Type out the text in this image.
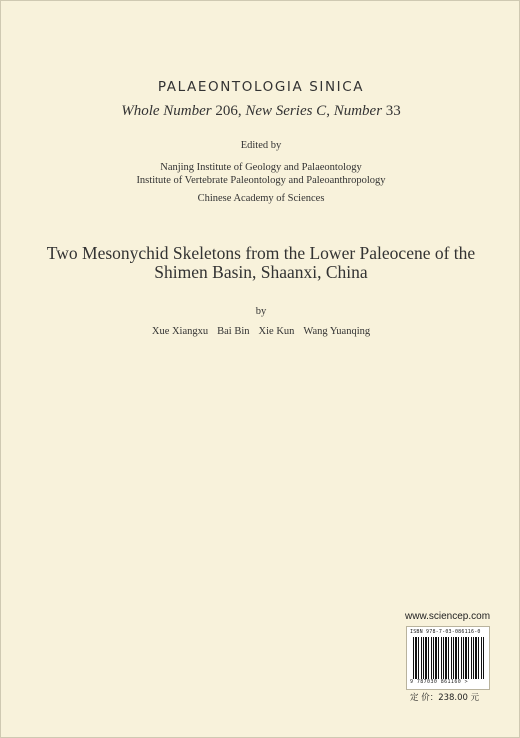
PALAEONTOLOGIA SINICA
Whole Number 206, New Series C, Number 33
Edited by
Nanjing Institute of Geology and Palaeontology
Institute of Vertebrate Paleontology and Paleoanthropology
Chinese Academy of Sciences
Two Mesonychid Skeletons from the Lower Paleocene of the
Shimen Basin, Shaanxi, China
by
Xue Xiangxu Bai Bin Xie Kun Wang Yuanqing
www.sciencep.com
ISBN 978-7-03-086116-0
9 787030 861160 >
定 价：238.00 元
